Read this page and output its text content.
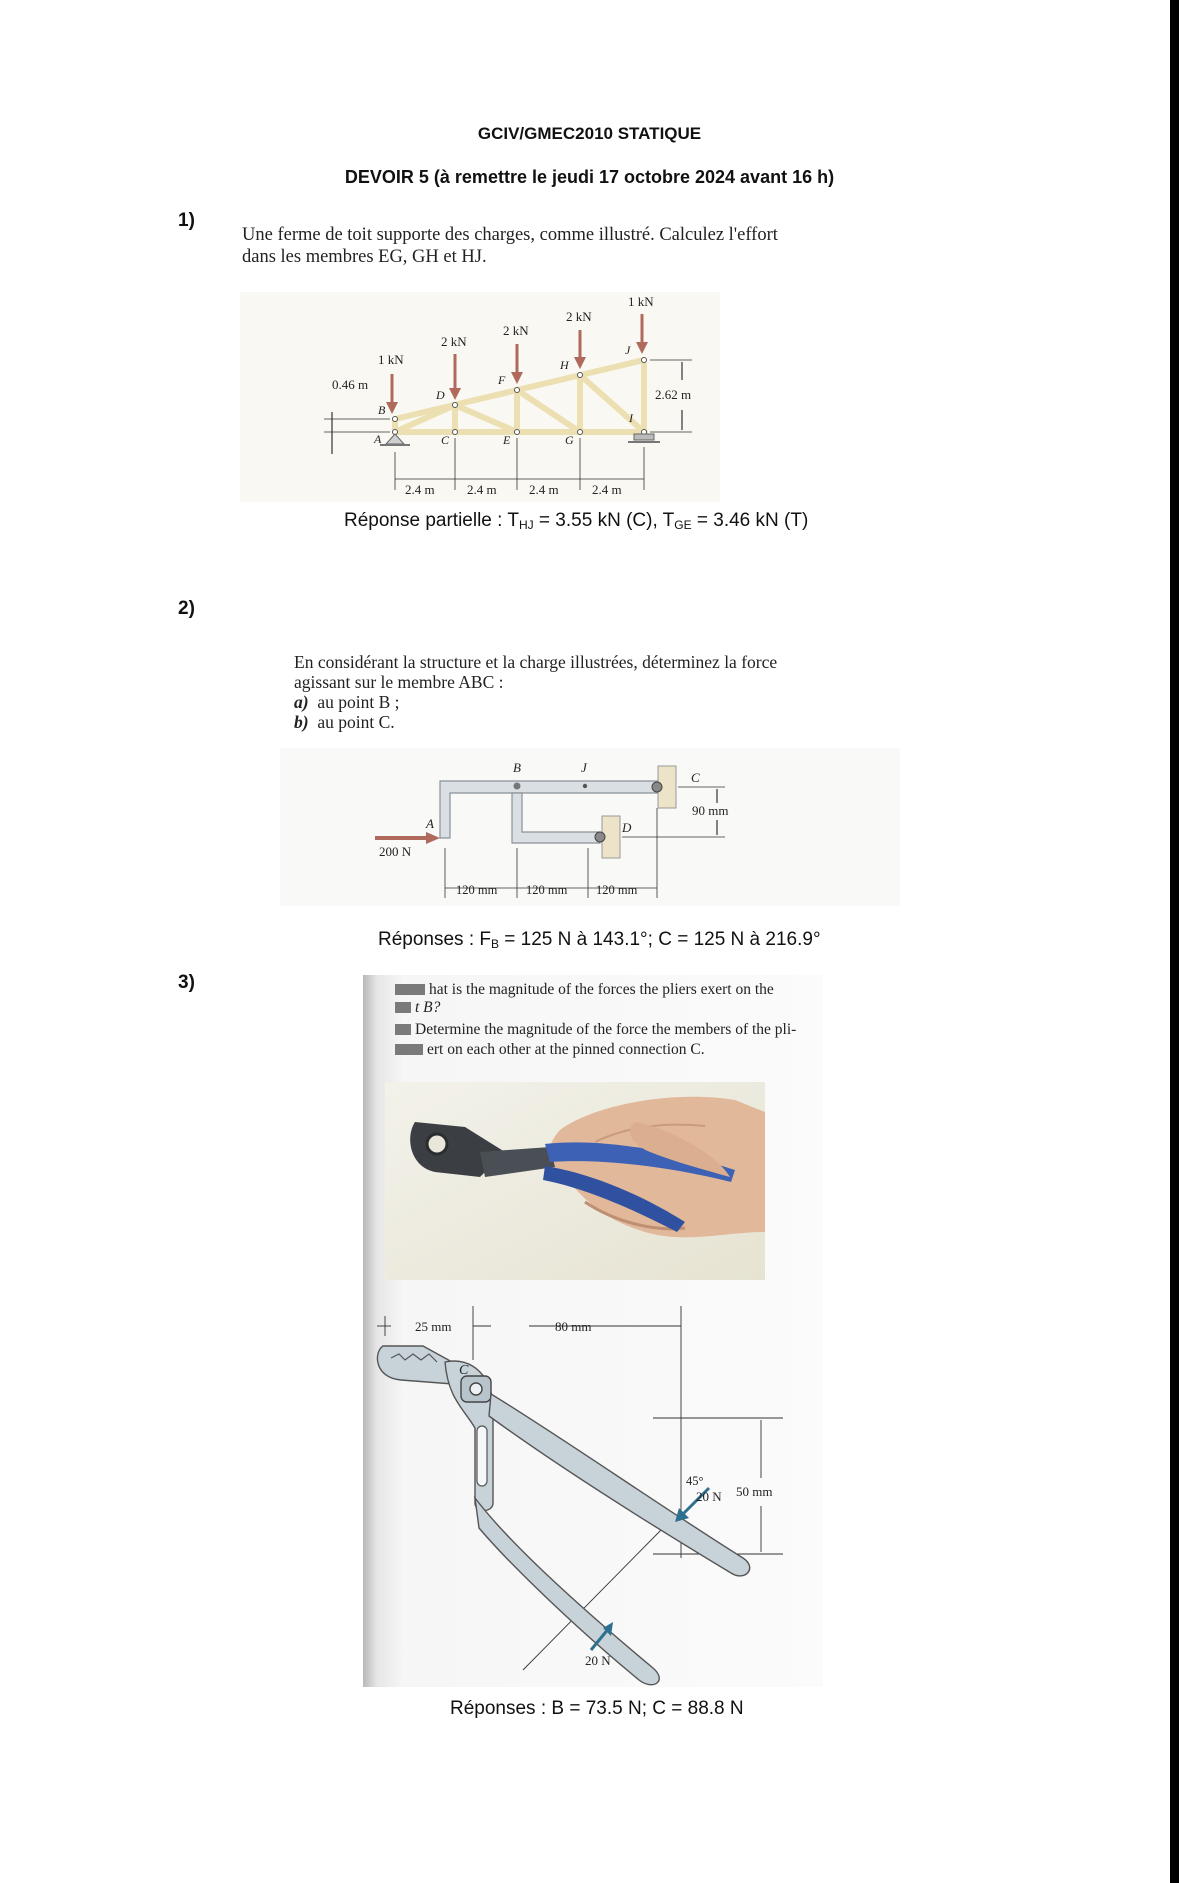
GCIV/GMEC2010 STATIQUE
DEVOIR 5 (à remettre le jeudi 17 octobre 2024 avant 16 h)
1)
Une ferme de toit supporte des charges, comme illustré. Calculez l'effort
dans les membres EG, GH et HJ.
1 kN
2 kN
2 kN
2 kN
1 kN
A
B
C
D
E
F
G
H
I
J
0.46 m
2.62 m
2.4 m 2.4 m 2.4 m	2.4 m
Réponse partielle : $T_{HJ} = 3.55$ kN (C), $T_{GE} = 3.46$ kN (T)
2)
En considérant la structure et la charge illustrées, déterminez la force
agissant sur le membre ABC :
a) au point B ;
b) au point C.
200 N
A
B	J
C
D
90 mm
120 mm 120 mm 120 mm
Réponses : $F_B = 125$ N à 143.1°; C = 125 N à 216.9°
3)	hat is the magnitude of the forces the pliers exert on the
t B?
Determine the magnitude of the force the members of the pli-
ert on each other at the pinned connection C.
25 mm	80 mm
50 mm
C
45°
20 N
20 N
Réponses : B = 73.5 N; C = 88.8 N
